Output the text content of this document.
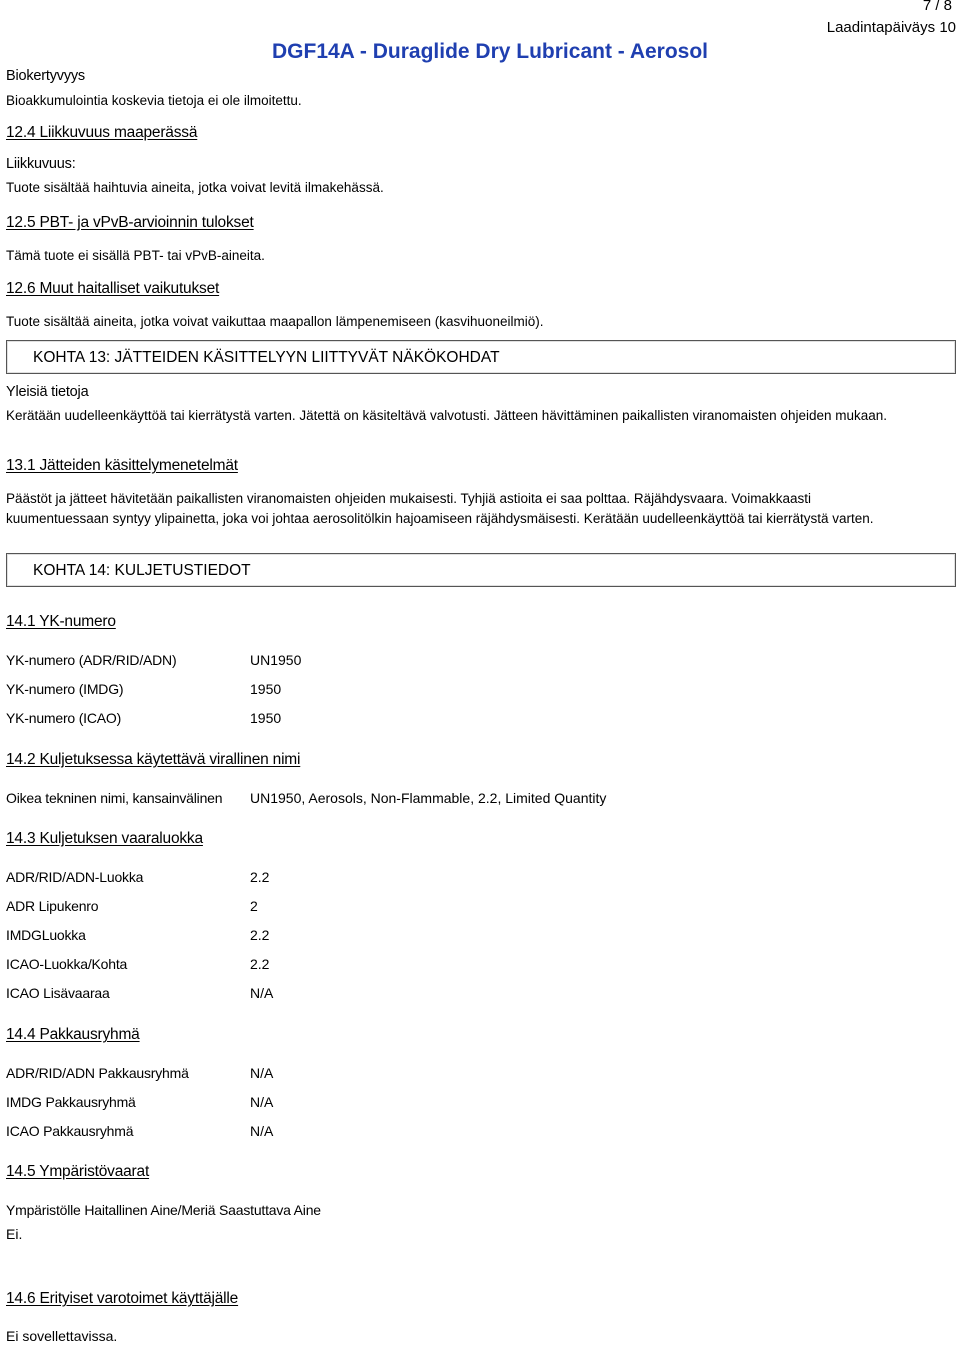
7 / 8
Laadintapäiväys 10
DGF14A - Duraglide Dry Lubricant - Aerosol
Biokertyvyys
Bioakkumulointia koskevia tietoja ei ole ilmoitettu.
12.4 Liikkuvuus maaperässä
Liikkuvuus:
Tuote sisältää haihtuvia aineita, jotka voivat levitä ilmakehässä.
12.5 PBT- ja vPvB-arvioinnin tulokset
Tämä tuote ei sisällä PBT- tai vPvB-aineita.
12.6 Muut haitalliset vaikutukset
Tuote sisältää aineita, jotka voivat vaikuttaa maapallon lämpenemiseen (kasvihuoneilmiö).
KOHTA 13: JÄTTEIDEN KÄSITTELYYN LIITTYVÄT NÄKÖKOHDAT
Yleisiä tietoja
Kerätään uudelleenkäyttöä tai kierrätystä varten. Jätettä on käsiteltävä valvotusti. Jätteen hävittäminen paikallisten viranomaisten ohjeiden mukaan.
13.1 Jätteiden käsittelymenetelmät
Päästöt ja jätteet hävitetään paikallisten viranomaisten ohjeiden mukaisesti. Tyhjiä astioita ei saa polttaa. Räjähdysvaara. Voimakkaasti kuumentuessaan syntyy ylipainetta, joka voi johtaa aerosolitölkin hajoamiseen räjähdysmäisesti. Kerätään uudelleenkäyttöä tai kierrätystä varten.
KOHTA 14: KULJETUSTIEDOT
14.1 YK-numero
YK-numero (ADR/RID/ADN)	UN1950
YK-numero (IMDG)	1950
YK-numero (ICAO)	1950
14.2 Kuljetuksessa käytettävä virallinen nimi
Oikea tekninen nimi, kansainvälinen UN1950, Aerosols, Non-Flammable, 2.2, Limited Quantity
14.3 Kuljetuksen vaaraluokka
ADR/RID/ADN-Luokka	2.2
ADR Lipukenro	2
IMDGLuokka	2.2
ICAO-Luokka/Kohta	2.2
ICAO Lisävaaraa	N/A
14.4 Pakkausryhmä
ADR/RID/ADN Pakkausryhmä	N/A
IMDG Pakkausryhmä	N/A
ICAO Pakkausryhmä	N/A
14.5 Ympäristövaarat
Ympäristölle Haitallinen Aine/Meriä Saastuttava Aine
Ei.
14.6 Erityiset varotoimet käyttäjälle
Ei sovellettavissa.
